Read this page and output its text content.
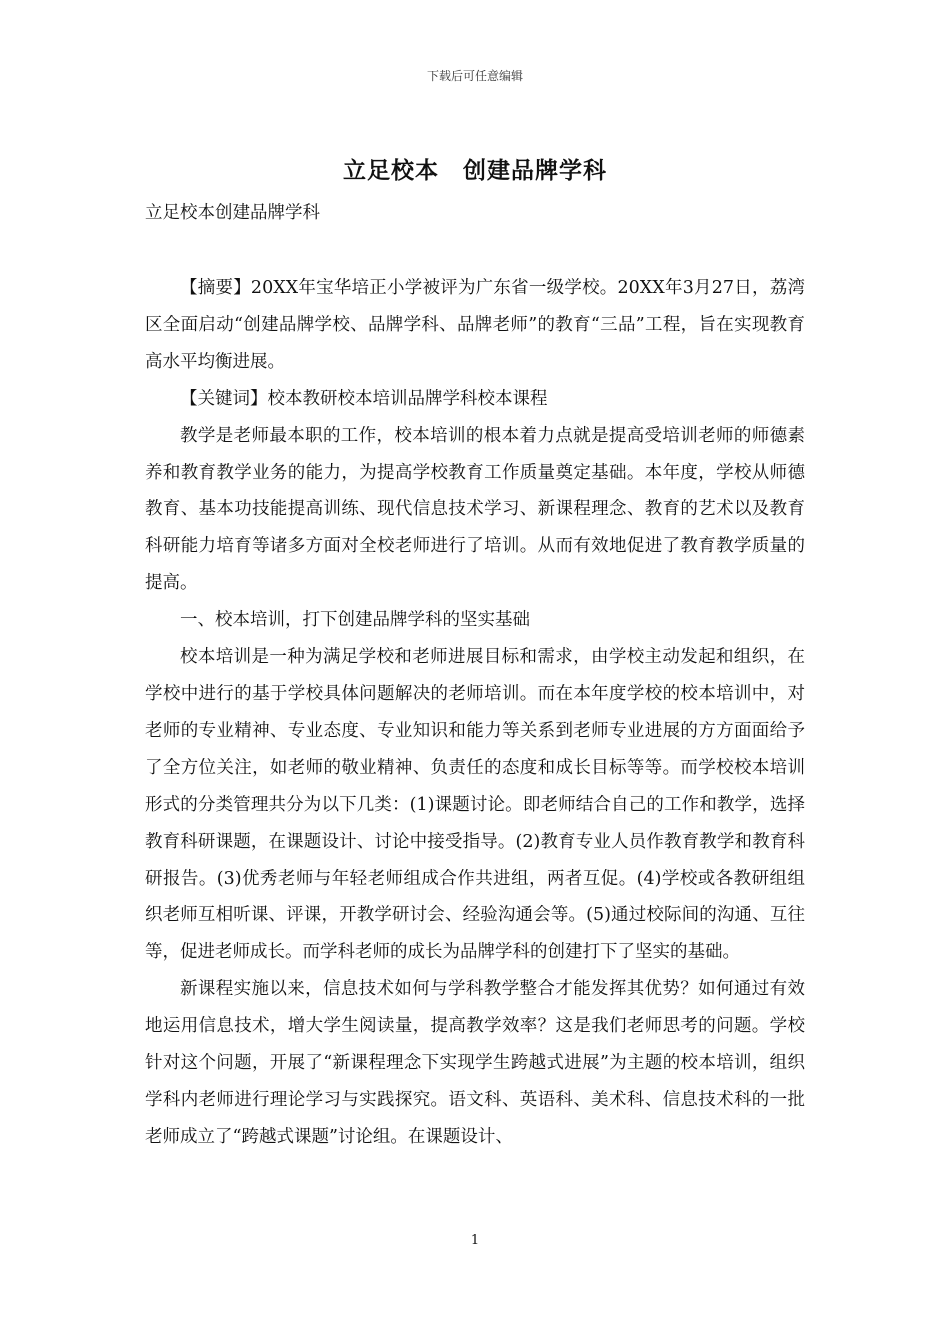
下载后可任意编辑
立足校本　创建品牌学科
立足校本创建品牌学科

【摘要】20XX年宝华培正小学被评为广东省一级学校。20XX年3月27日，荔湾区全面启动“创建品牌学校、品牌学科、品牌老师”的教育“三品”工程，旨在实现教育高水平均衡进展。

【关键词】校本教研校本培训品牌学科校本课程

教学是老师最本职的工作，校本培训的根本着力点就是提高受培训老师的师德素养和教育教学业务的能力，为提高学校教育工作质量奠定基础。本年度，学校从师德教育、基本功技能提高训练、现代信息技术学习、新课程理念、教育的艺术以及教育科研能力培育等诸多方面对全校老师进行了培训。从而有效地促进了教育教学质量的提高。

一、校本培训，打下创建品牌学科的坚实基础

校本培训是一种为满足学校和老师进展目标和需求，由学校主动发起和组织，在学校中进行的基于学校具体问题解决的老师培训。而在本年度学校的校本培训中，对老师的专业精神、专业态度、专业知识和能力等关系到老师专业进展的方方面面给予了全方位关注，如老师的敬业精神、负责任的态度和成长目标等等。而学校校本培训形式的分类管理共分为以下几类：(1)课题讨论。即老师结合自己的工作和教学，选择教育科研课题，在课题设计、讨论中接受指导。(2)教育专业人员作教育教学和教育科研报告。(3)优秀老师与年轻老师组成合作共进组，两者互促。(4)学校或各教研组组织老师互相听课、评课，开教学研讨会、经验沟通会等。(5)通过校际间的沟通、互往等，促进老师成长。而学科老师的成长为品牌学科的创建打下了坚实的基础。

新课程实施以来，信息技术如何与学科教学整合才能发挥其优势？如何通过有效地运用信息技术，增大学生阅读量，提高教学效率？这是我们老师思考的问题。学校针对这个问题，开展了“新课程理念下实现学生跨越式进展”为主题的校本培训，组织学科内老师进行理论学习与实践探究。语文科、英语科、美术科、信息技术科的一批老师成立了“跨越式课题”讨论组。在课题设计、

1
